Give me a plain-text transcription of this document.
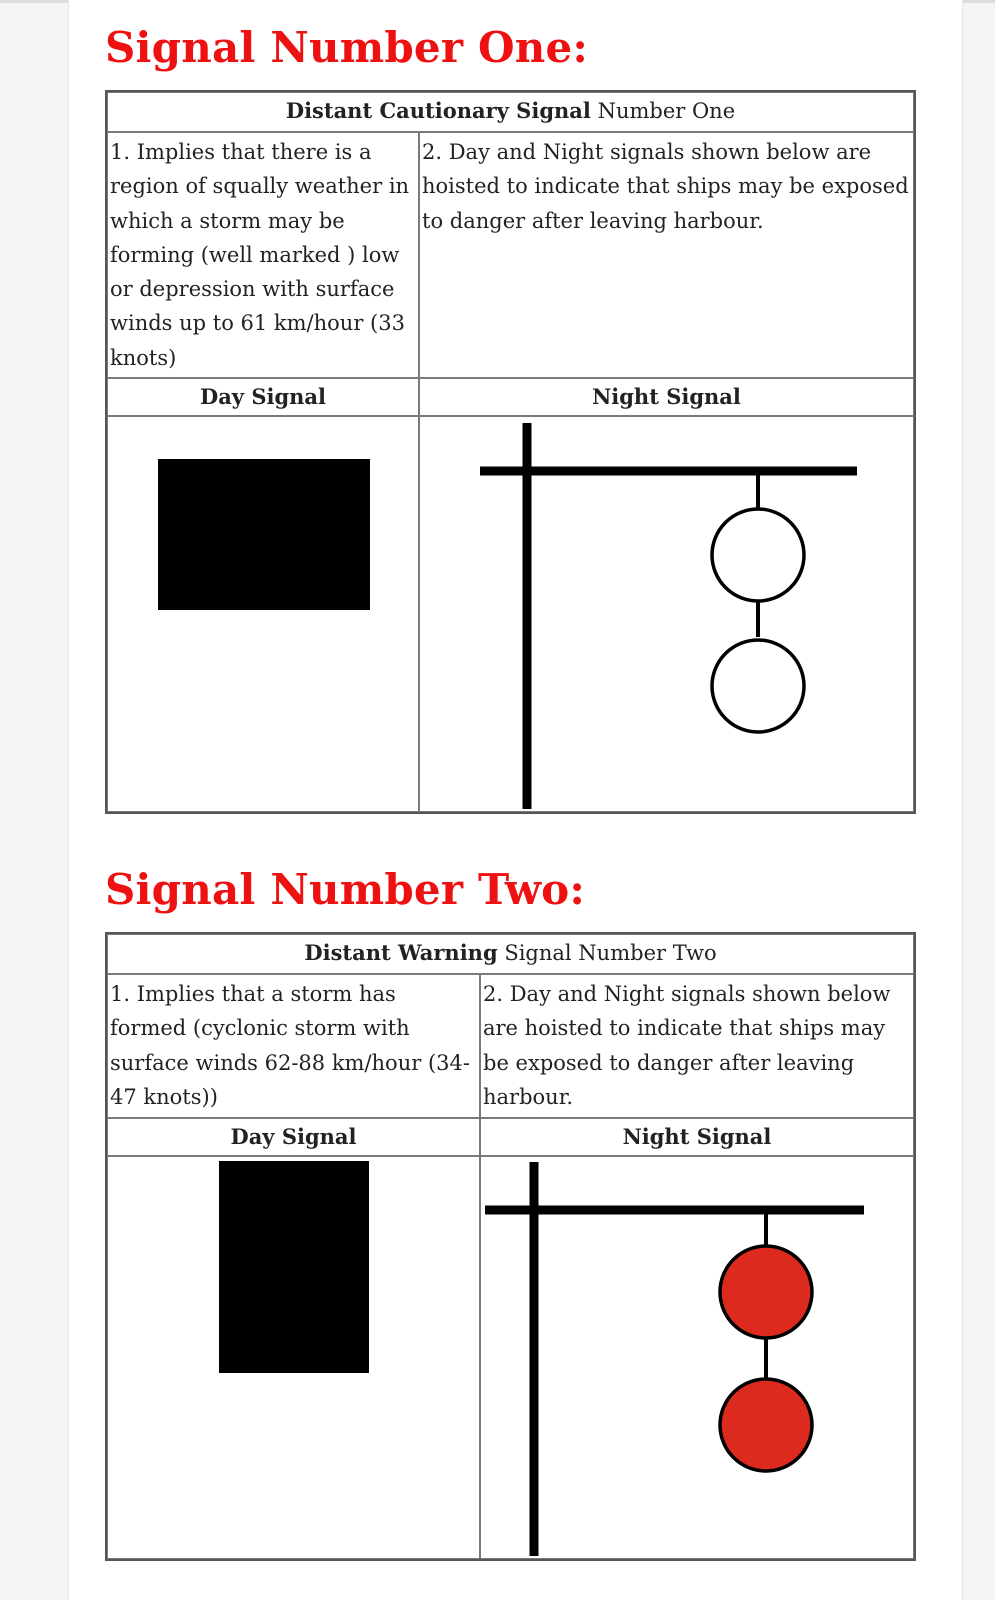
Signal Number One:
Distant Cautionary Signal Number One
1. Implies that there is a region of squally weather in which a storm may be forming (well marked ) low or depression with surface winds up to 61 km/hour (33 knots)
2. Day and Night signals shown below are hoisted to indicate that ships may be exposed to danger after leaving harbour.
Day Signal	Night Signal
Signal Number Two:
Distant Warning Signal Number Two
1. Implies that a storm has formed (cyclonic storm with surface winds 62-88 km/hour (34-47 knots))
2. Day and Night signals shown below are hoisted to indicate that ships may be exposed to danger after leaving harbour.
Day Signal	Night Signal
